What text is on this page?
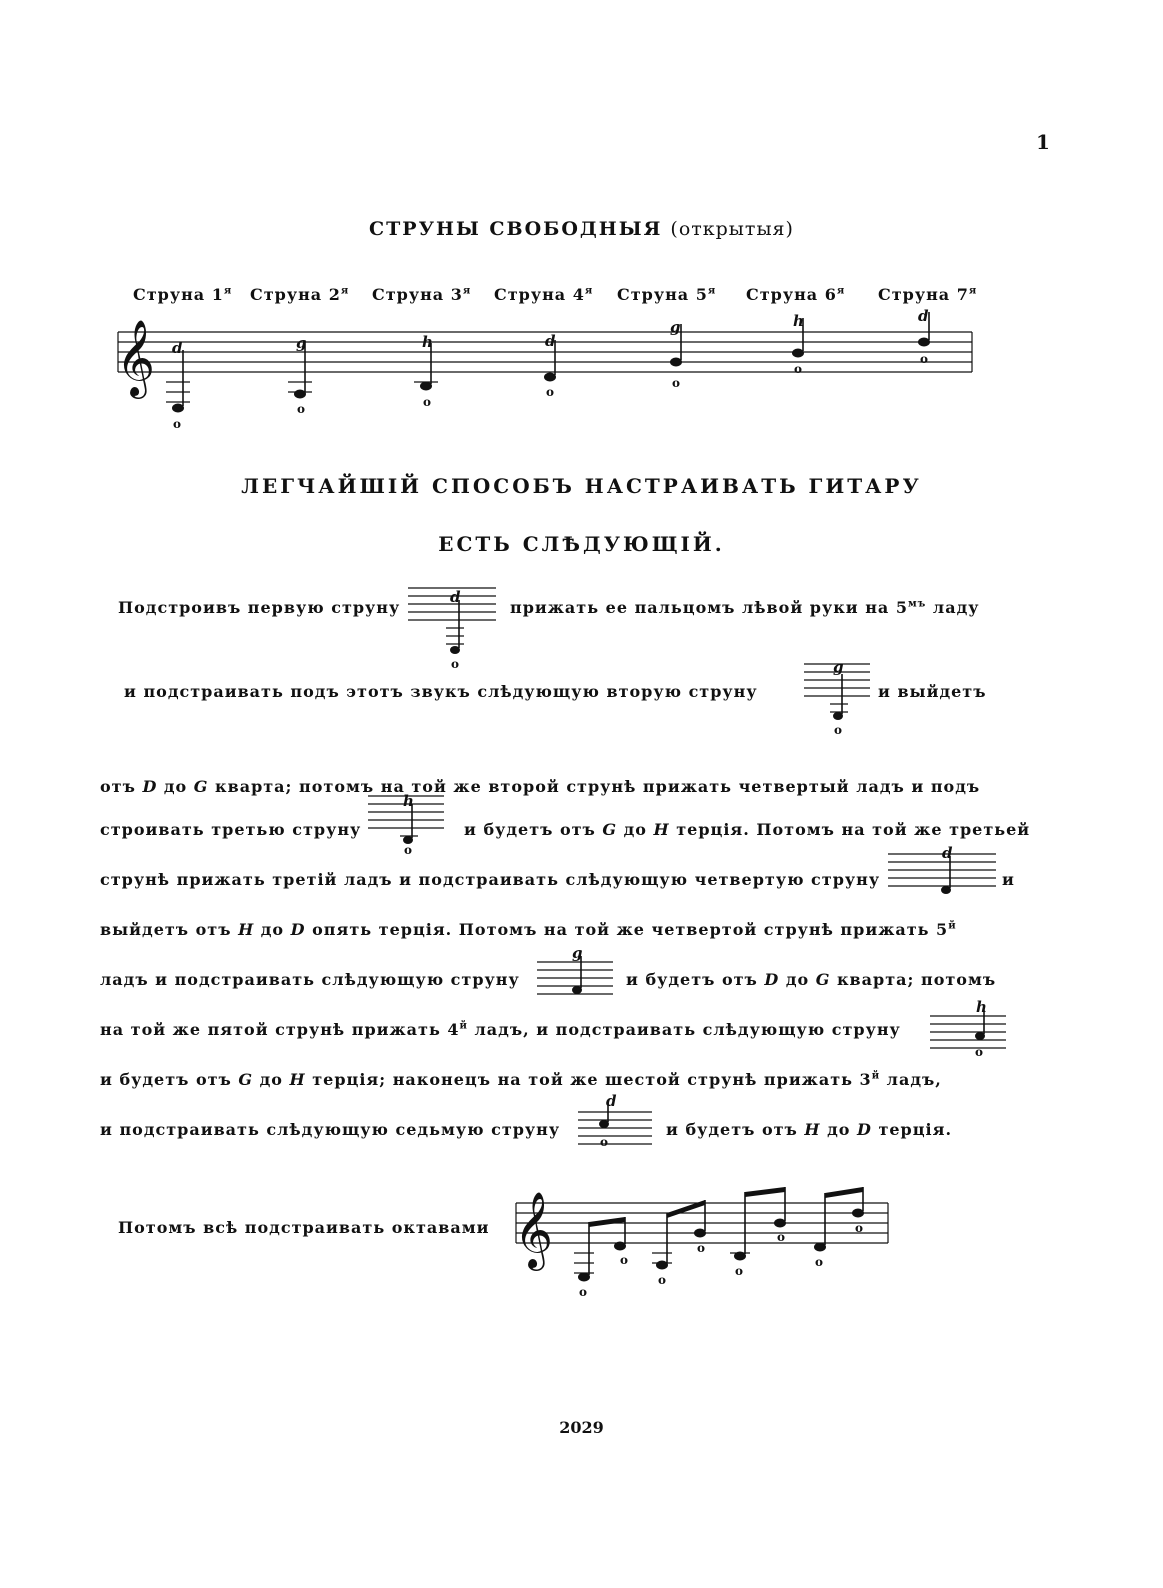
1
СТРУНЫ СВОБОДНЫЯ (открытыя)
Струна $1^я$ Струна $2^я$ Струна $3^я$ Струна $4^я$ Струна $5^я$ Струна $6^я$ Струна $7^я$
𝄞 d
o
g
o
h
o
d
o
g
o
h
o
d
o
ЛЕГЧАЙШІЙ СПОСОБЪ НАСТРАИВАТЬ ГИТАРУ
ЕСТЬ СЛѢДУЮЩІЙ.
Подстроивъ первую струну
d
o
прижать ее пальцомъ лѣвой руки на $5^{мъ}$ ладу
и подстраивать подъ этотъ звукъ слѣдующую вторую струну
g
o
и выйдетъ
отъ D до G кварта; потомъ на той же второй струнѣ прижать четвертый ладъ и подъ
строивать третью струну
h
o
и будетъ отъ G до H терція. Потомъ на той же третьей
струнѣ прижать третій ладъ и подстраивать слѣдующую четвертую струну
d
и
выйдетъ отъ H до D опять терція. Потомъ на той же четвертой струнѣ прижать $5^й$
ладъ и подстраивать слѣдующую струну
g
и будетъ отъ D до G кварта; потомъ
на той же пятой струнѣ прижать $4^й$ ладъ, и подстраивать слѣдующую струну
h
o
и будетъ отъ G до H терція; наконецъ на той же шестой струнѣ прижать $3^й$ ладъ,
и подстраивать слѣдующую седьмую струну
d
o
и будетъ отъ H до D терція.
Потомъ всѣ подстраивать октавами 𝄞
o
o
o
o
o
o
o
o
2029
